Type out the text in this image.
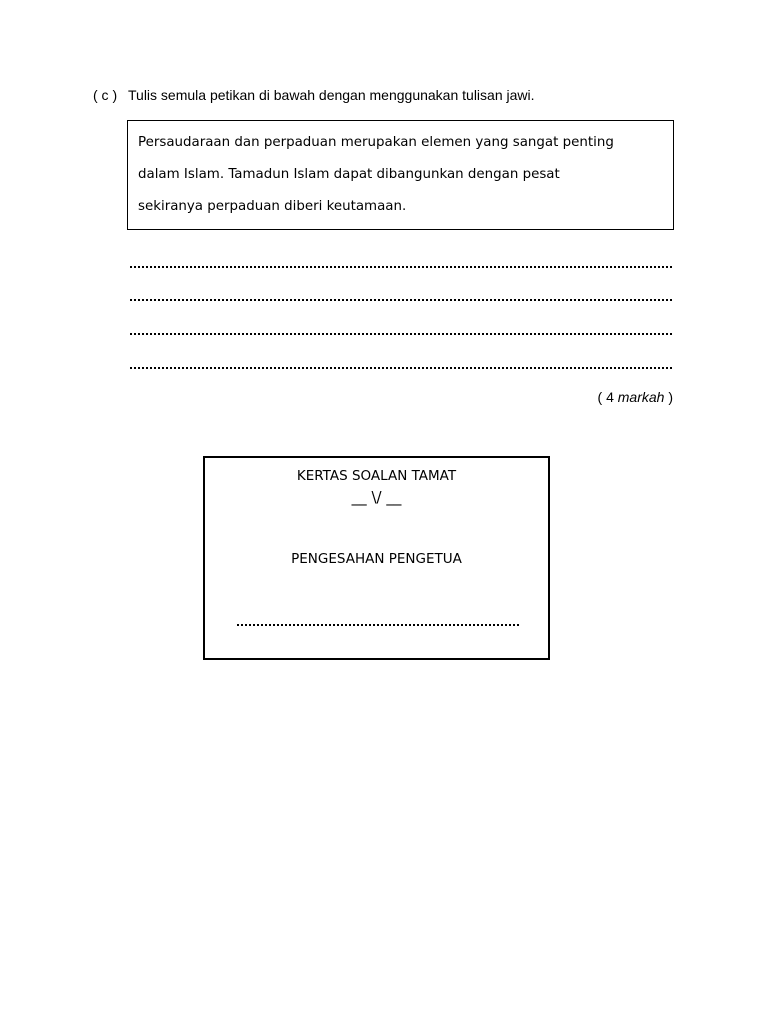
( c ) Tulis semula petikan di bawah dengan menggunakan tulisan jawi.
Persaudaraan dan perpaduan merupakan elemen yang sangat penting
dalam Islam. Tamadun Islam dapat dibangunkan dengan pesat
sekiranya perpaduan diberi keutamaan.
( 4 markah )
KERTAS SOALAN TAMAT
__ \/ __
PENGESAHAN PENGETUA
